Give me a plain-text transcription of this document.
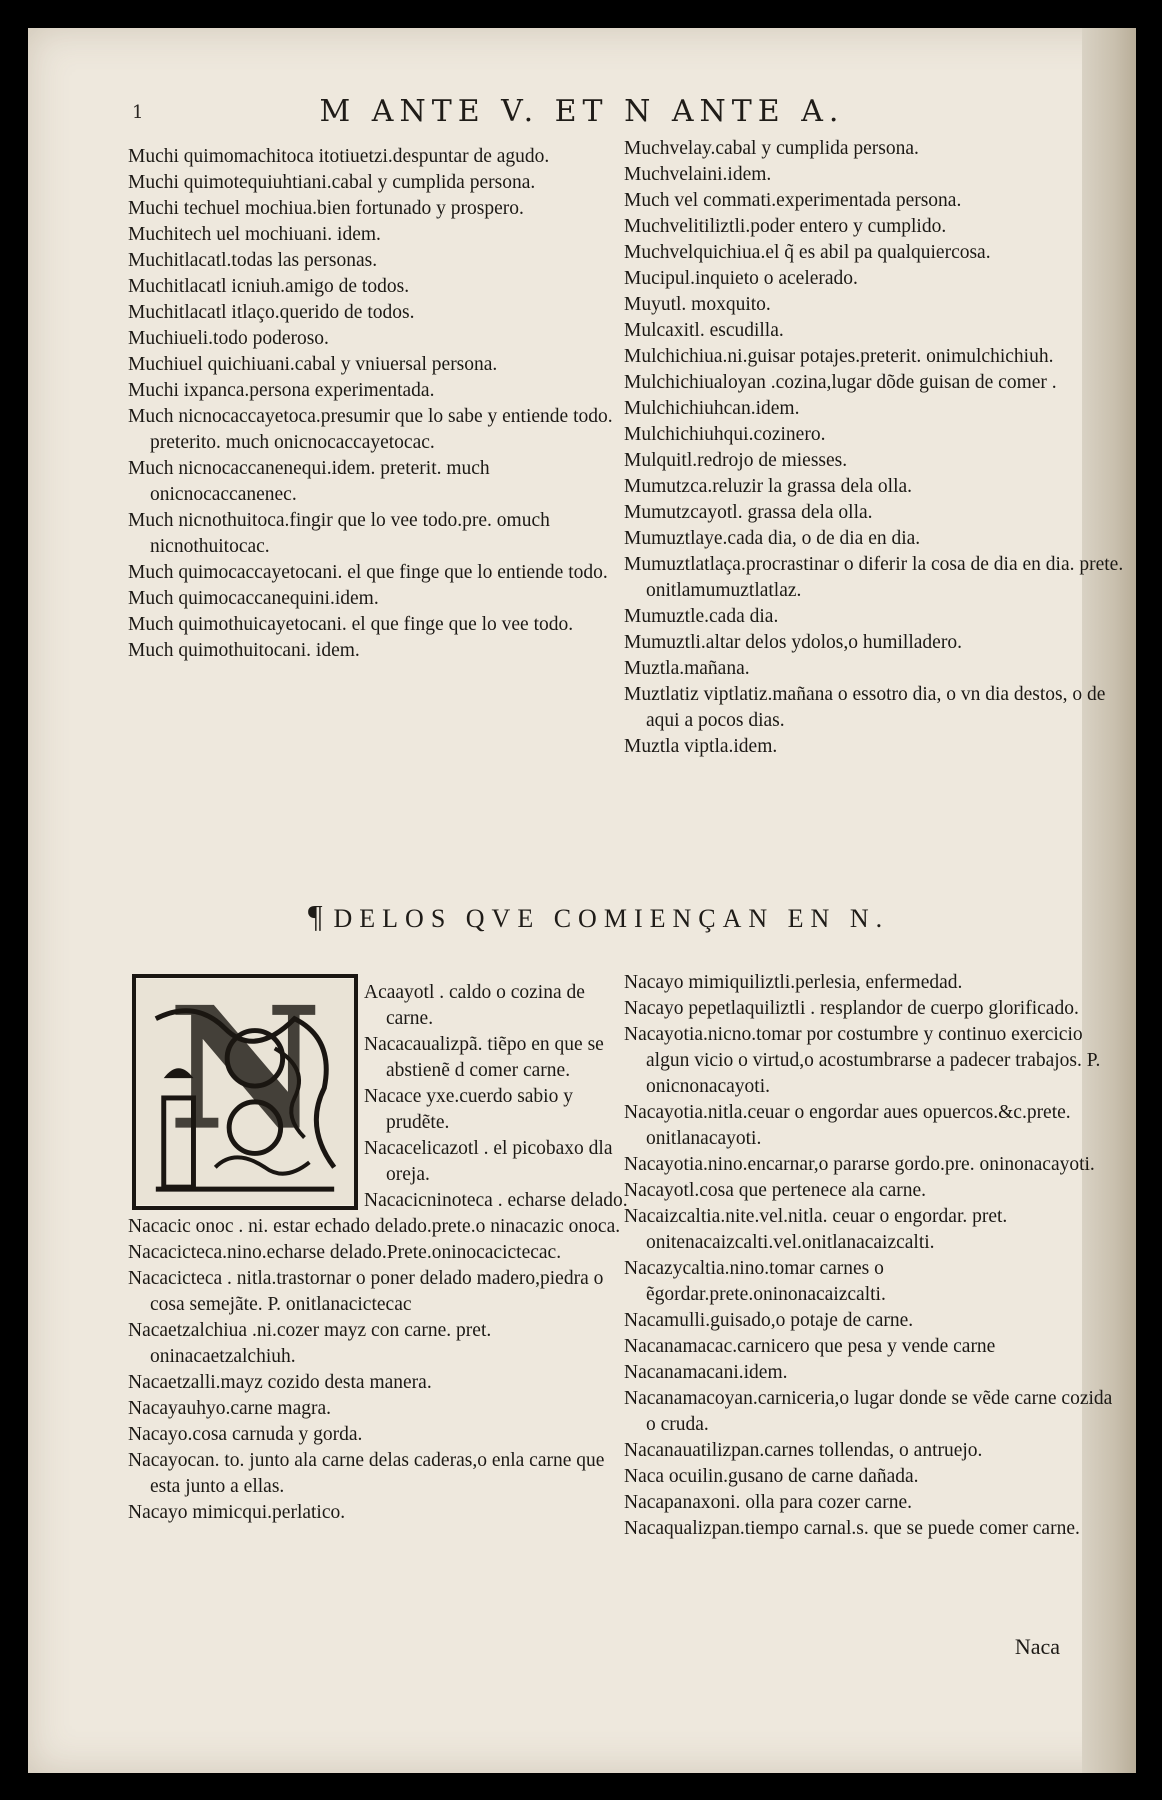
1	M ANTE V. ET N ANTE A.

Muchi quimomachitoca itotiuetzi.despuntar de agudo.

Muchi quimotequiuhtiani.cabal y cumplida persona.

Muchi techuel mochiua.bien fortunado y prospero.

Muchitech uel mochiuani. idem.

Muchitlacatl.todas las personas.

Muchitlacatl icniuh.amigo de todos.

Muchitlacatl itlaço.querido de todos.

Muchiueli.todo poderoso.

Muchiuel quichiuani.cabal y vniuersal persona.

Muchi ixpanca.persona experimentada.

Much nicnocaccayetoca.presumir que lo sabe y entiende todo. preterito. much onicnocaccayetocac.

Much nicnocaccanenequi.idem. preterit. much onicnocaccanenec.

Much nicnothuitoca.fingir que lo vee todo.pre. omuch nicnothuitocac.

Much quimocaccayetocani. el que finge que lo entiende todo.

Much quimocaccanequini.idem.

Much quimothuicayetocani. el que finge que lo vee todo.

Much quimothuitocani. idem.

Muchvelay.cabal y cumplida persona.

Muchvelaini.idem.

Much vel commati.experimentada persona.

Muchvelitiliztli.poder entero y cumplido.

Muchvelquichiua.el q̃ es abil pa qualquiercosa.

Mucipul.inquieto o acelerado.

Muyutl. moxquito.

Mulcaxitl. escudilla.

Mulchichiua.ni.guisar potajes.preterit. onimulchichiuh.

Mulchichiualoyan .cozina,lugar dõde guisan de comer .

Mulchichiuhcan.idem.

Mulchichiuhqui.cozinero.

Mulquitl.redrojo de miesses.

Mumutzca.reluzir la grassa dela olla.

Mumutzcayotl. grassa dela olla.

Mumuztlaye.cada dia, o de dia en dia.

Mumuztlatlaça.procrastinar o diferir la cosa de dia en dia. prete. onitlamumuztlatlaz.

Mumuztle.cada dia.

Mumuztli.altar delos ydolos,o humilladero.

Muztla.mañana.

Muztlatiz viptlatiz.mañana o essotro dia, o vn dia destos, o de aqui a pocos dias.

Muztla viptla.idem.

¶ DELOS QVE COMIENÇAN EN N.
N Acaayotl . caldo o cozina de carne.

Nacacaualizpã. tiẽpo en que se abstienẽ d comer carne.

Nacace yxe.cuerdo sabio y prudẽte.

Nacacelicazotl . el picobaxo dla oreja.

Nacacicninoteca . echarse delado.

Nacacic onoc . ni. estar echado delado.prete.o ninacazic onoca.

Nacacicteca.nino.echarse delado.Prete.oninocacictecac.

Nacacicteca . nitla.trastornar o poner delado madero,piedra o cosa semejãte. P. onitlanacictecac

Nacaetzalchiua .ni.cozer mayz con carne. pret. oninacaetzalchiuh.

Nacaetzalli.mayz cozido desta manera.

Nacayauhyo.carne magra.

Nacayo.cosa carnuda y gorda.

Nacayocan. to. junto ala carne delas caderas,o enla carne que esta junto a ellas.

Nacayo mimicqui.perlatico.

Nacayo mimiquiliztli.perlesia, enfermedad.

Nacayo pepetlaquiliztli . resplandor de cuerpo glorificado.

Nacayotia.nicno.tomar por costumbre y continuo exercicio algun vicio o virtud,o acostumbrarse a padecer trabajos. P. onicnonacayoti.

Nacayotia.nitla.ceuar o engordar aues opuercos.&c.prete. onitlanacayoti.

Nacayotia.nino.encarnar,o pararse gordo.pre. oninonacayoti.

Nacayotl.cosa que pertenece ala carne.

Nacaizcaltia.nite.vel.nitla. ceuar o engordar. pret. onitenacaizcalti.vel.onitlanacaizcalti.

Nacazycaltia.nino.tomar carnes o ẽgordar.prete.oninonacaizcalti.

Nacamulli.guisado,o potaje de carne.

Nacanamacac.carnicero que pesa y vende carne

Nacanamacani.idem.

Nacanamacoyan.carniceria,o lugar donde se vẽde carne cozida o cruda.

Nacanauatilizpan.carnes tollendas, o antruejo.

Naca ocuilin.gusano de carne dañada.

Nacapanaxoni. olla para cozer carne.

Nacaqualizpan.tiempo carnal.s. que se puede comer carne.

Naca
